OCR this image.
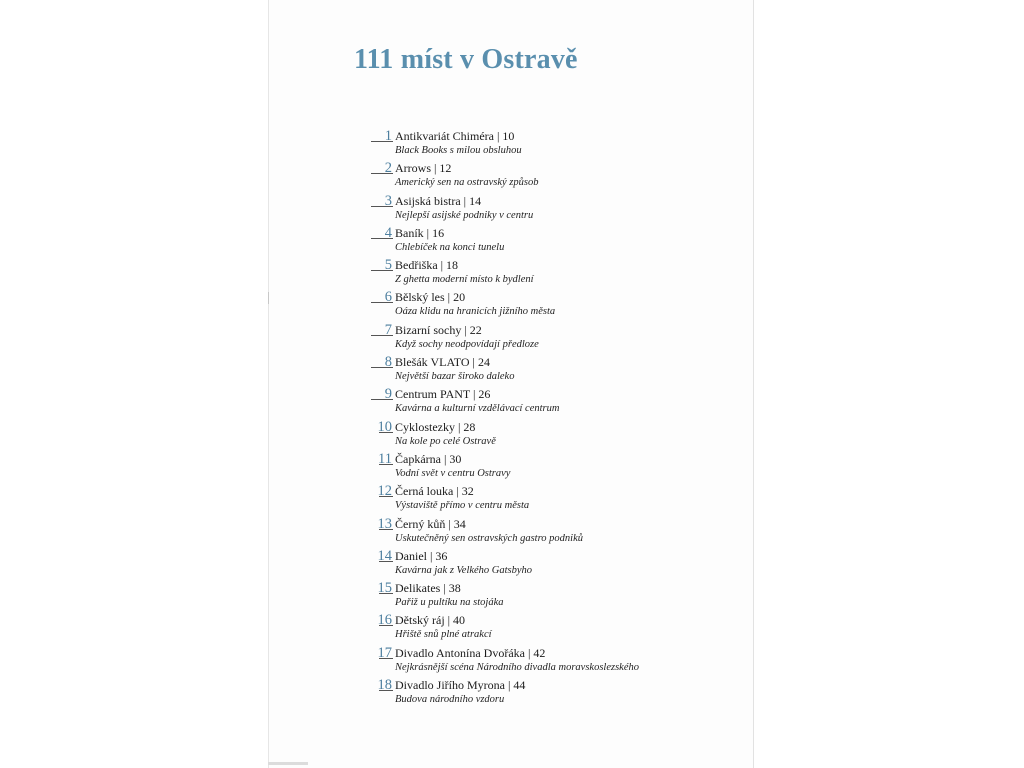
111 míst v Ostravě
1 Antikvariát Chiméra | 10
Black Books s milou obsluhou
2 Arrows | 12
Americký sen na ostravský způsob
3 Asijská bistra | 14
Nejlepší asijské podniky v centru
4 Baník | 16
Chlebíček na konci tunelu
5 Bedřiška | 18
Z ghetta moderní místo k bydlení
6 Bělský les | 20
Oáza klidu na hranicích jižního města
7 Bizarní sochy | 22
Když sochy neodpovídají předloze
8 Blešák VLATO | 24
Největší bazar široko daleko
9 Centrum PANT | 26
Kavárna a kulturní vzdělávací centrum
10 Cyklostezky | 28
Na kole po celé Ostravě
11 Čapkárna | 30
Vodní svět v centru Ostravy
12 Černá louka | 32
Výstaviště přímo v centru města
13 Černý kůň | 34
Uskutečněný sen ostravských gastro podniků
14 Daniel | 36
Kavárna jak z Velkého Gatsbyho
15 Delikates | 38
Pařiž u pultíku na stojáka
16 Dětský ráj | 40
Hřiště snů plné atrakcí
17 Divadlo Antonína Dvořáka | 42
Nejkrásnější scéna Národního divadla moravskoslezského
18 Divadlo Jiřího Myrona | 44
Budova národního vzdoru
